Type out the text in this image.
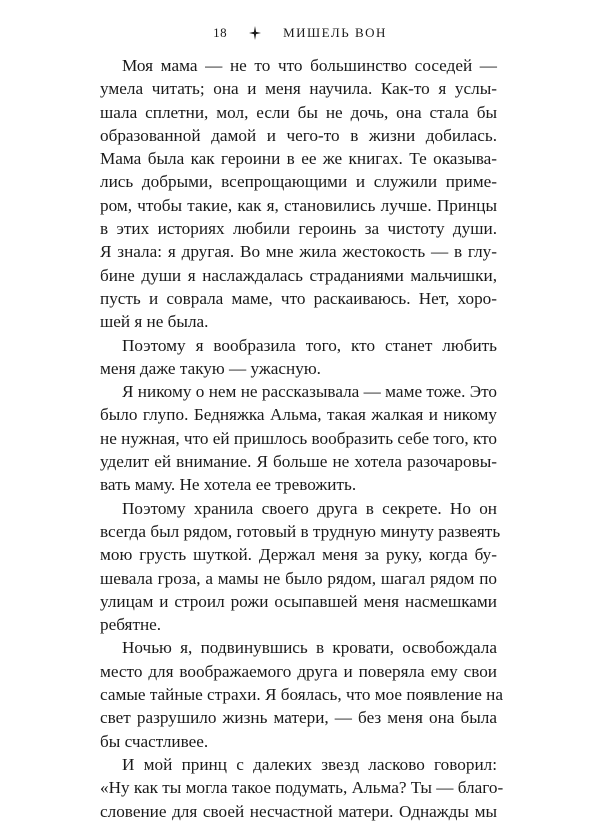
18	МИШЕЛЬ ВОН
Моя мама — не то что большинство соседей —
умела читать; она и меня научила. Как-то я услы-
шала сплетни, мол, если бы не дочь, она стала бы
образованной дамой и чего-то в жизни добилась.
Мама была как героини в ее же книгах. Те оказыва-
лись добрыми, всепрощающими и служили приме-
ром, чтобы такие, как я, становились лучше. Принцы
в этих историях любили героинь за чистоту души.
Я знала: я другая. Во мне жила жестокость — в глу-
бине души я наслаждалась страданиями мальчишки,
пусть и соврала маме, что раскаиваюсь. Нет, хоро-
шей я не была.
Поэтому я вообразила того, кто станет любить
меня даже такую — ужасную.
Я никому о нем не рассказывала — маме тоже. Это
было глупо. Бедняжка Альма, такая жалкая и никому
не нужная, что ей пришлось вообразить себе того, кто
уделит ей внимание. Я больше не хотела разочаровы-
вать маму. Не хотела ее тревожить.
Поэтому хранила своего друга в секрете. Но он
всегда был рядом, готовый в трудную минуту развеять
мою грусть шуткой. Держал меня за руку, когда бу-
шевала гроза, а мамы не было рядом, шагал рядом по
улицам и строил рожи осыпавшей меня насмешками
ребятне.
Ночью я, подвинувшись в кровати, освобождала
место для воображаемого друга и поверяла ему свои
самые тайные страхи. Я боялась, что мое появление на
свет разрушило жизнь матери, — без меня она была
бы счастливее.
И мой принц с далеких звезд ласково говорил:
«Ну как ты могла такое подумать, Альма? Ты — благо-
словение для своей несчастной матери. Однажды мы
